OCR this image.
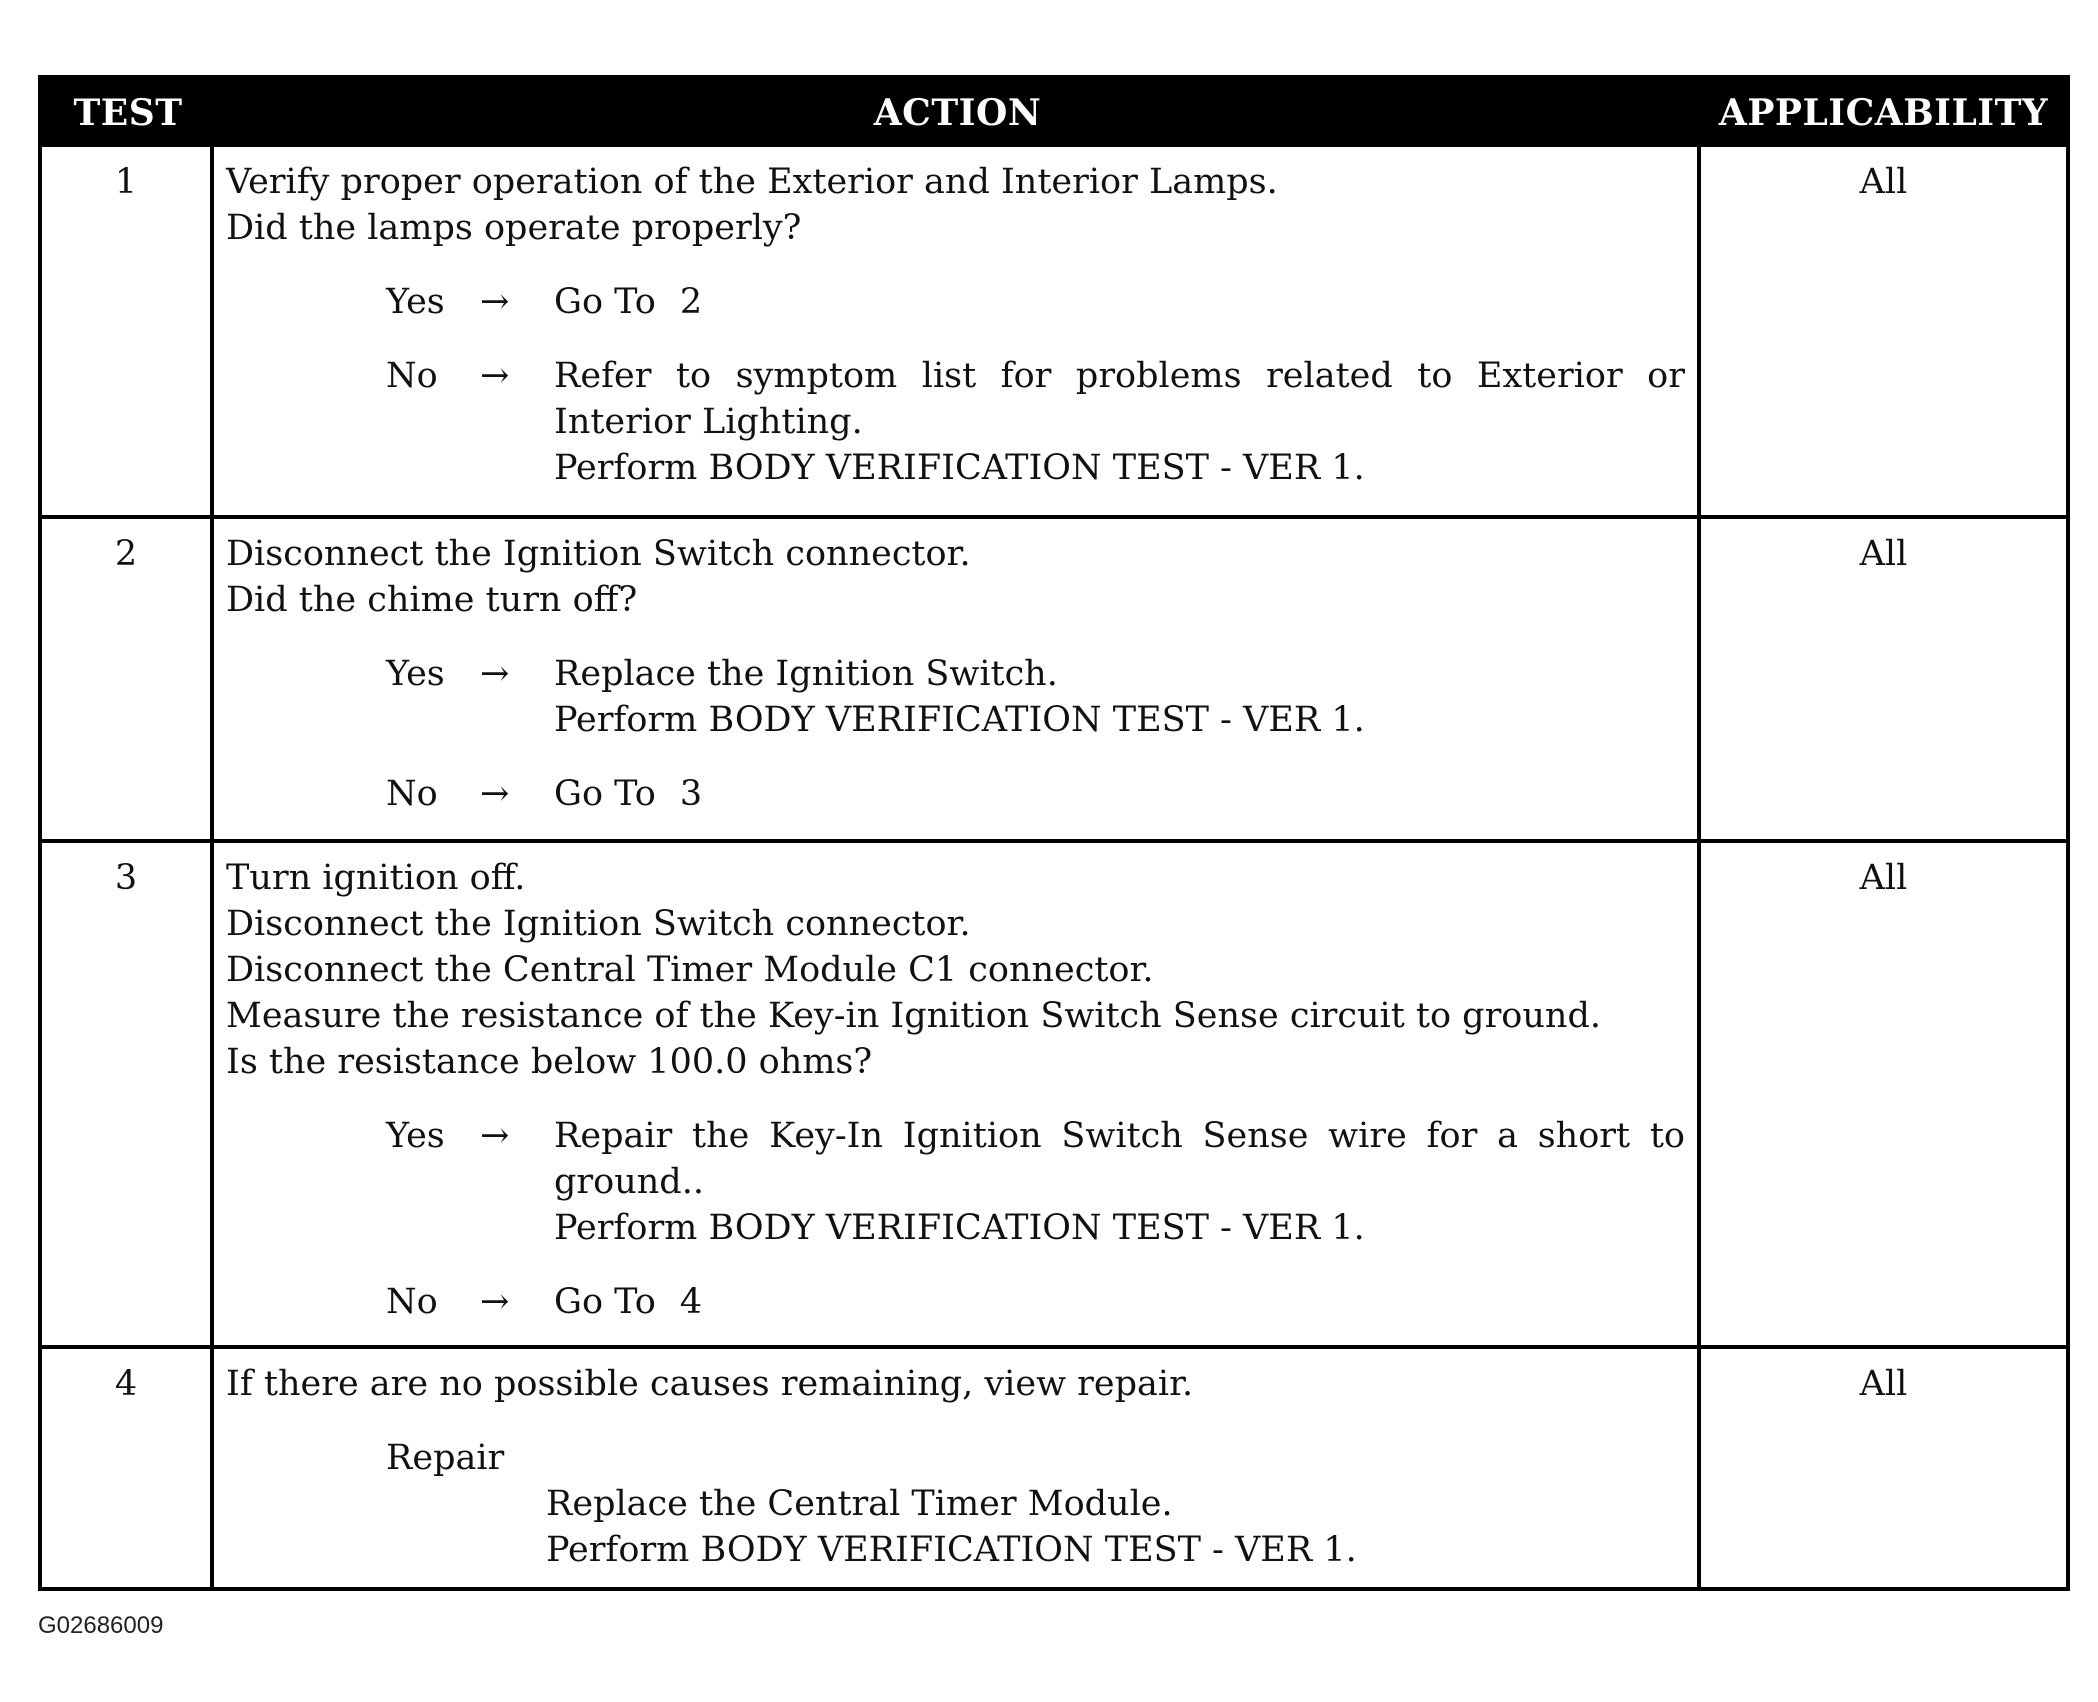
TEST	ACTION	APPLICABILITY
1	Verify proper operation of the Exterior and Interior Lamps.
Did the lamps operate properly?
Yes	→	Go To 2
No	→	Refer to symptom list for problems related to Exterior or Interior Lighting.
Perform BODY VERIFICATION TEST - VER 1.
All
2	Disconnect the Ignition Switch connector.
Did the chime turn off?
Yes	→	Replace the Ignition Switch.
Perform BODY VERIFICATION TEST - VER 1.
No	→	Go To 3
All
3	Turn ignition off.
Disconnect the Ignition Switch connector.
Disconnect the Central Timer Module C1 connector.
Measure the resistance of the Key-in Ignition Switch Sense circuit to ground.
Is the resistance below 100.0 ohms?
Yes	→	Repair the Key-In Ignition Switch Sense wire for a short to ground..
Perform BODY VERIFICATION TEST - VER 1.
No	→	Go To 4
All
4	If there are no possible causes remaining, view repair.
Repair
Replace the Central Timer Module.
Perform BODY VERIFICATION TEST - VER 1.
All
G02686009
